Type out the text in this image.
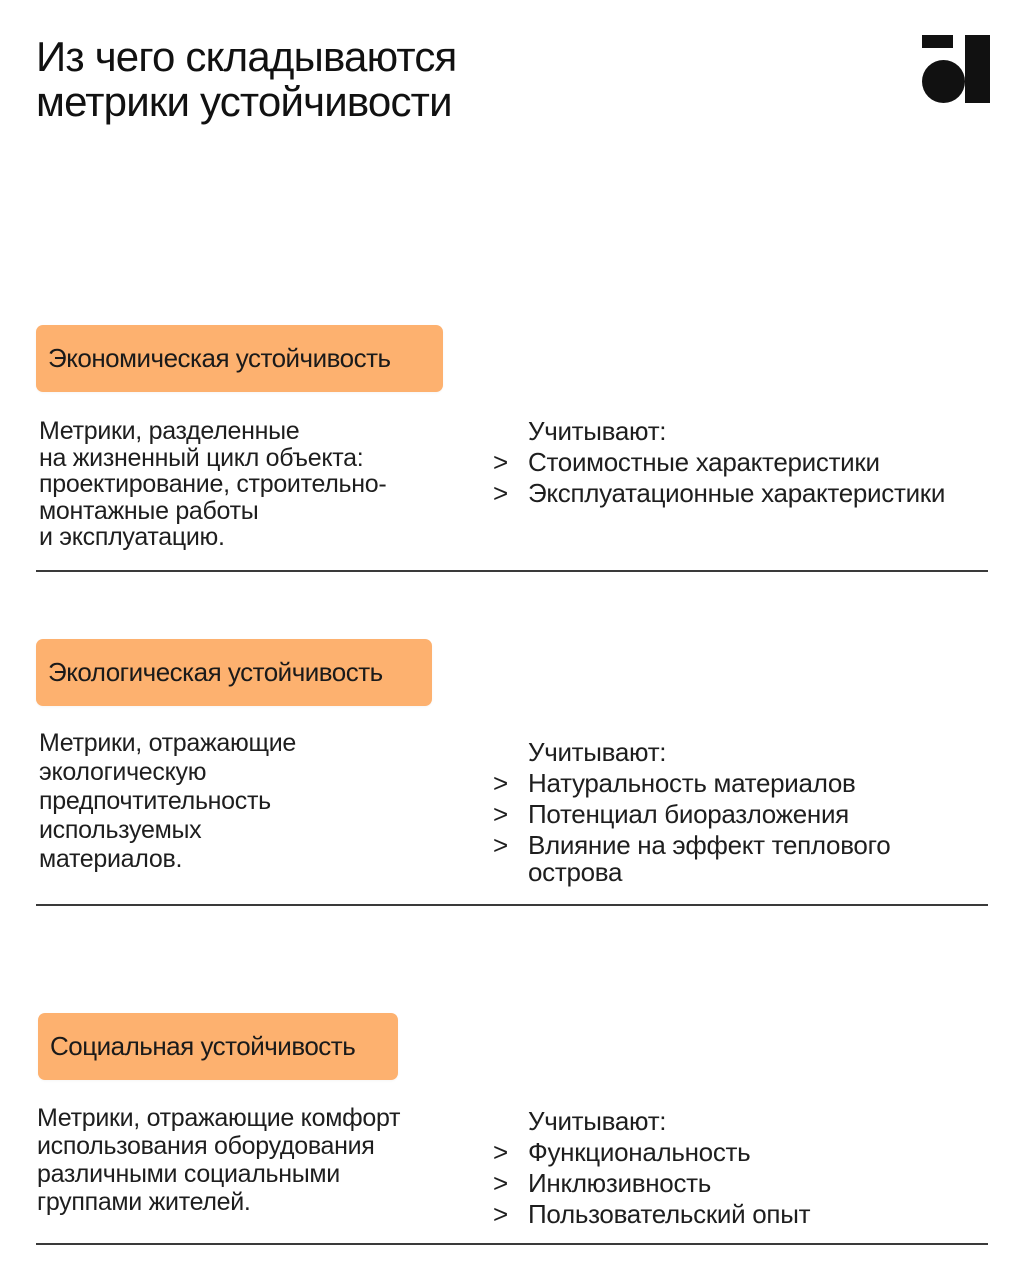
Из чего складываются
метрики устойчивости
Экономическая устойчивость
Метрики, разделенные
на жизненный цикл объекта:
проектирование, строительно-
монтажные работы
и эксплуатацию.
Учитывают:
> Стоимостные характеристики
> Эксплуатационные характеристики
Экологическая устойчивость
Метрики, отражающие
экологическую
предпочтительность
используемых
материалов.
Учитывают:
> Натуральность материалов
> Потенциал биоразложения
> Влияние на эффект теплового
острова
Социальная устойчивость
Метрики, отражающие комфорт
использования оборудования
различными социальными
группами жителей.
Учитывают:
> Функциональность
> Инклюзивность
> Пользовательский опыт
